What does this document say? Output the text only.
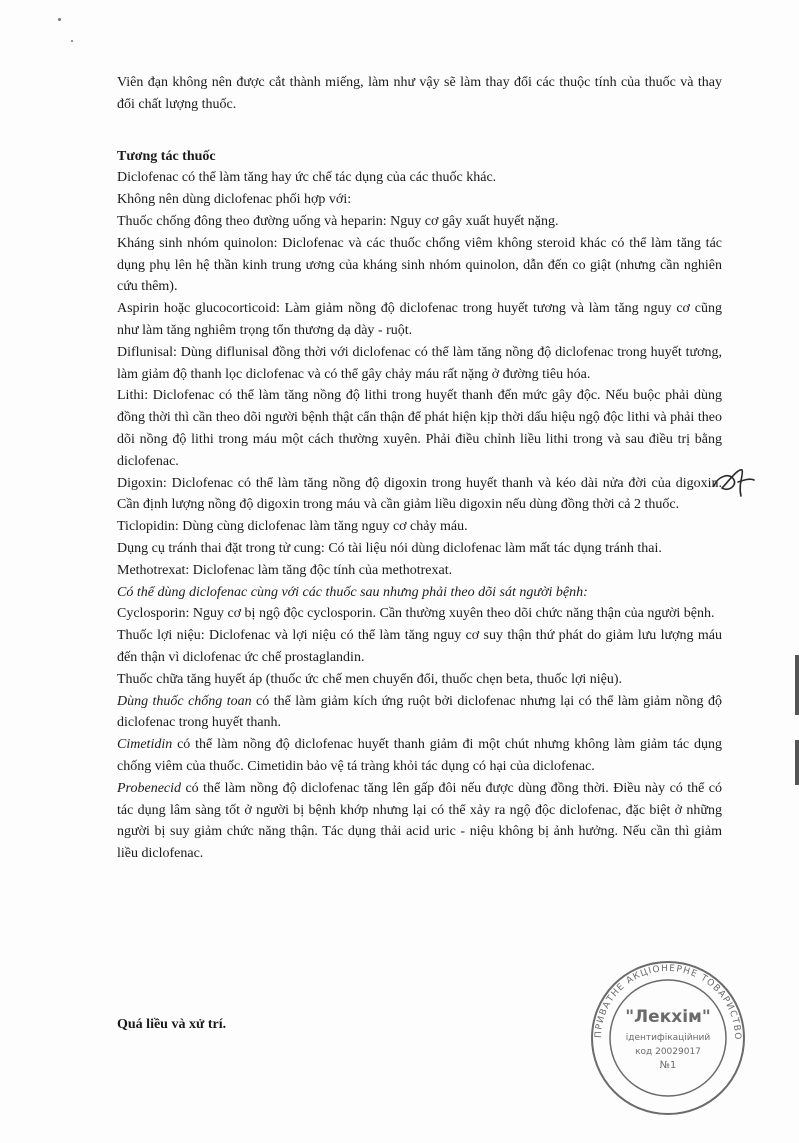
Viên đạn không nên được cắt thành miếng, làm như vậy sẽ làm thay đổi các thuộc tính của thuốc và thay đổi chất lượng thuốc.

Tương tác thuốc

Diclofenac có thể làm tăng hay ức chế tác dụng của các thuốc khác.

Không nên dùng diclofenac phối hợp với:

Thuốc chống đông theo đường uống và heparin: Nguy cơ gây xuất huyết nặng.

Kháng sinh nhóm quinolon: Diclofenac và các thuốc chống viêm không steroid khác có thể làm tăng tác dụng phụ lên hệ thần kinh trung ương của kháng sinh nhóm quinolon, dẫn đến co giật (nhưng cần nghiên cứu thêm).

Aspirin hoặc glucocorticoid: Làm giảm nồng độ diclofenac trong huyết tương và làm tăng nguy cơ cũng như làm tăng nghiêm trọng tổn thương dạ dày - ruột.

Diflunisal: Dùng diflunisal đồng thời với diclofenac có thể làm tăng nồng độ diclofenac trong huyết tương, làm giảm độ thanh lọc diclofenac và có thể gây chảy máu rất nặng ở đường tiêu hóa.

Lithi: Diclofenac có thể làm tăng nồng độ lithi trong huyết thanh đến mức gây độc. Nếu buộc phải dùng đồng thời thì cần theo dõi người bệnh thật cẩn thận để phát hiện kịp thời dấu hiệu ngộ độc lithi và phải theo dõi nồng độ lithi trong máu một cách thường xuyên. Phải điều chỉnh liều lithi trong và sau điều trị bằng diclofenac.

Digoxin: Diclofenac có thể làm tăng nồng độ digoxin trong huyết thanh và kéo dài nửa đời của digoxin. Cần định lượng nồng độ digoxin trong máu và cần giảm liều digoxin nếu dùng đồng thời cả 2 thuốc.

Ticlopidin: Dùng cùng diclofenac làm tăng nguy cơ chảy máu.

Dụng cụ tránh thai đặt trong tử cung: Có tài liệu nói dùng diclofenac làm mất tác dụng tránh thai.

Methotrexat: Diclofenac làm tăng độc tính của methotrexat.

Có thể dùng diclofenac cùng với các thuốc sau nhưng phải theo dõi sát người bệnh:

Cyclosporin: Nguy cơ bị ngộ độc cyclosporin. Cần thường xuyên theo dõi chức năng thận của người bệnh.

Thuốc lợi niệu: Diclofenac và lợi niệu có thể làm tăng nguy cơ suy thận thứ phát do giảm lưu lượng máu đến thận vì diclofenac ức chế prostaglandin.

Thuốc chữa tăng huyết áp (thuốc ức chế men chuyển đổi, thuốc chẹn beta, thuốc lợi niệu).

Dùng thuốc chống toan có thể làm giảm kích ứng ruột bởi diclofenac nhưng lại có thể làm giảm nồng độ diclofenac trong huyết thanh.

Cimetidin có thể làm nồng độ diclofenac huyết thanh giảm đi một chút nhưng không làm giảm tác dụng chống viêm của thuốc. Cimetidin bảo vệ tá tràng khỏi tác dụng có hại của diclofenac.

Probenecid có thể làm nồng độ diclofenac tăng lên gấp đôi nếu được dùng đồng thời. Điều này có thể có tác dụng lâm sàng tốt ở người bị bệnh khớp nhưng lại có thể xảy ra ngộ độc diclofenac, đặc biệt ở những người bị suy giảm chức năng thận. Tác dụng thải acid uric - niệu không bị ảnh hưởng. Nếu cần thì giảm liều diclofenac.

Quá liều và xử trí.

ПРИВАТНЕ АКЦІОНЕРНЕ ТОВАРИСТВО
"Лекхім"
ідентифікаційний
код 20029017
№1
